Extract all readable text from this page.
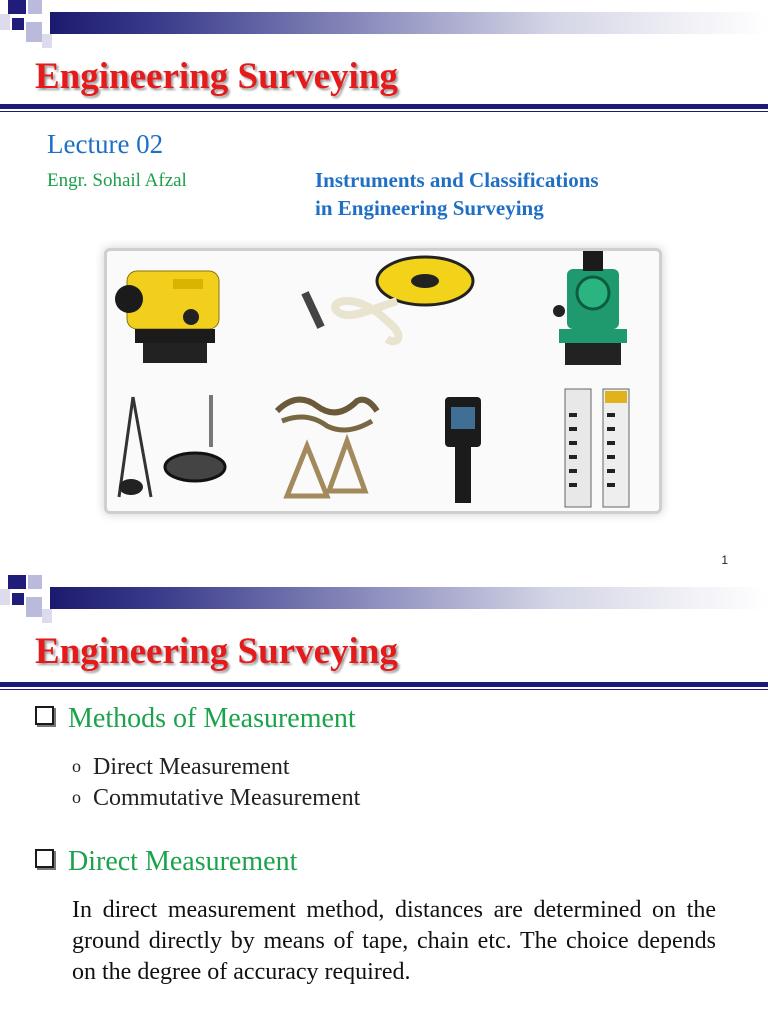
Engineering Surveying
Lecture 02
Engr. Sohail Afzal	Instruments and Classifications
in Engineering Surveying
1
Engineering Surveying
Methods of Measurement
o Direct Measurement
o Commutative Measurement
Direct Measurement
In direct measurement method, distances are determined on the ground directly by means of tape, chain etc. The choice depends on the degree of accuracy required.
